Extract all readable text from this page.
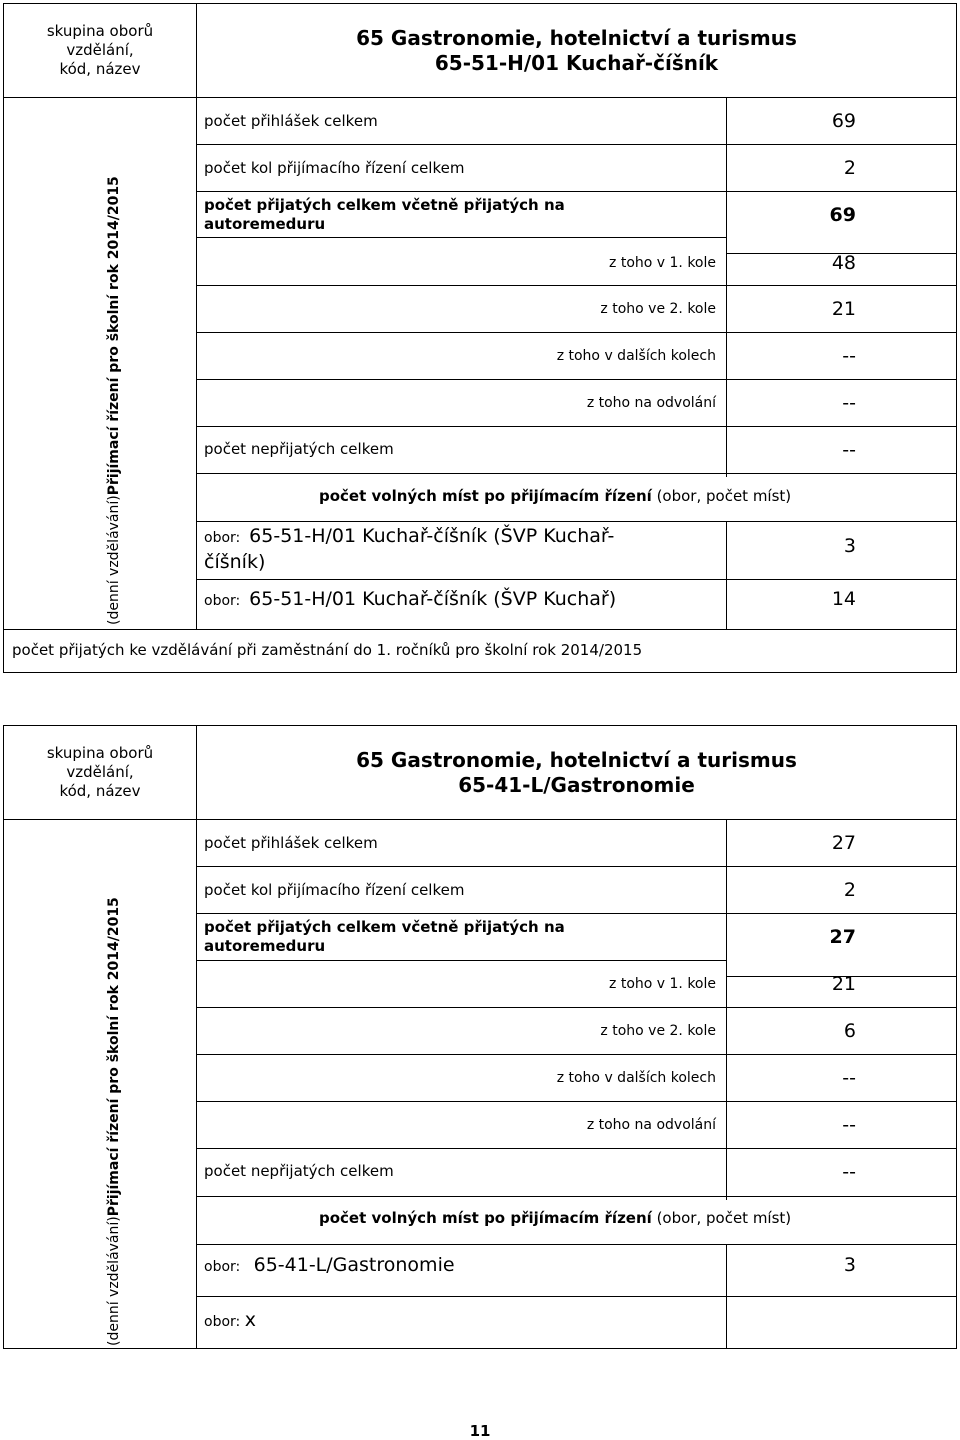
skupina oborů
vzdělání,
kód, název
65 Gastronomie, hotelnictví a turismus
65-51-H/01 Kuchař-číšník
(denní vzdělávání)Přijímací řízení pro školní rok 2014/2015
počet přihlášek celkem	69
počet kol přijímacího řízení celkem	2
počet přijatých celkem včetně přijatých na
autoremeduru	69
z toho v 1. kole	48
z toho ve 2. kole	21
z toho v dalších kolech	--
z toho na odvolání	--
počet nepřijatých celkem	--
počet volných míst po přijímacím řízení (obor, počet míst)
obor: 65-51-H/01 Kuchař-číšník (ŠVP Kuchař-
číšník)
3
obor: 65-51-H/01 Kuchař-číšník (ŠVP Kuchař)	14
počet přijatých ke vzdělávání při zaměstnání do 1. ročníků pro školní rok 2014/2015
skupina oborů
vzdělání,
kód, název
65 Gastronomie, hotelnictví a turismus
65-41-L/Gastronomie
(denní vzdělávání)Přijímací řízení pro školní rok 2014/2015
počet přihlášek celkem	27
počet kol přijímacího řízení celkem	2
počet přijatých celkem včetně přijatých na
autoremeduru	27
z toho v 1. kole	21
z toho ve 2. kole	6
z toho v dalších kolech	--
z toho na odvolání	--
počet nepřijatých celkem	--
počet volných míst po přijímacím řízení (obor, počet míst)
obor: 65-41-L/Gastronomie	3
obor: x
11
